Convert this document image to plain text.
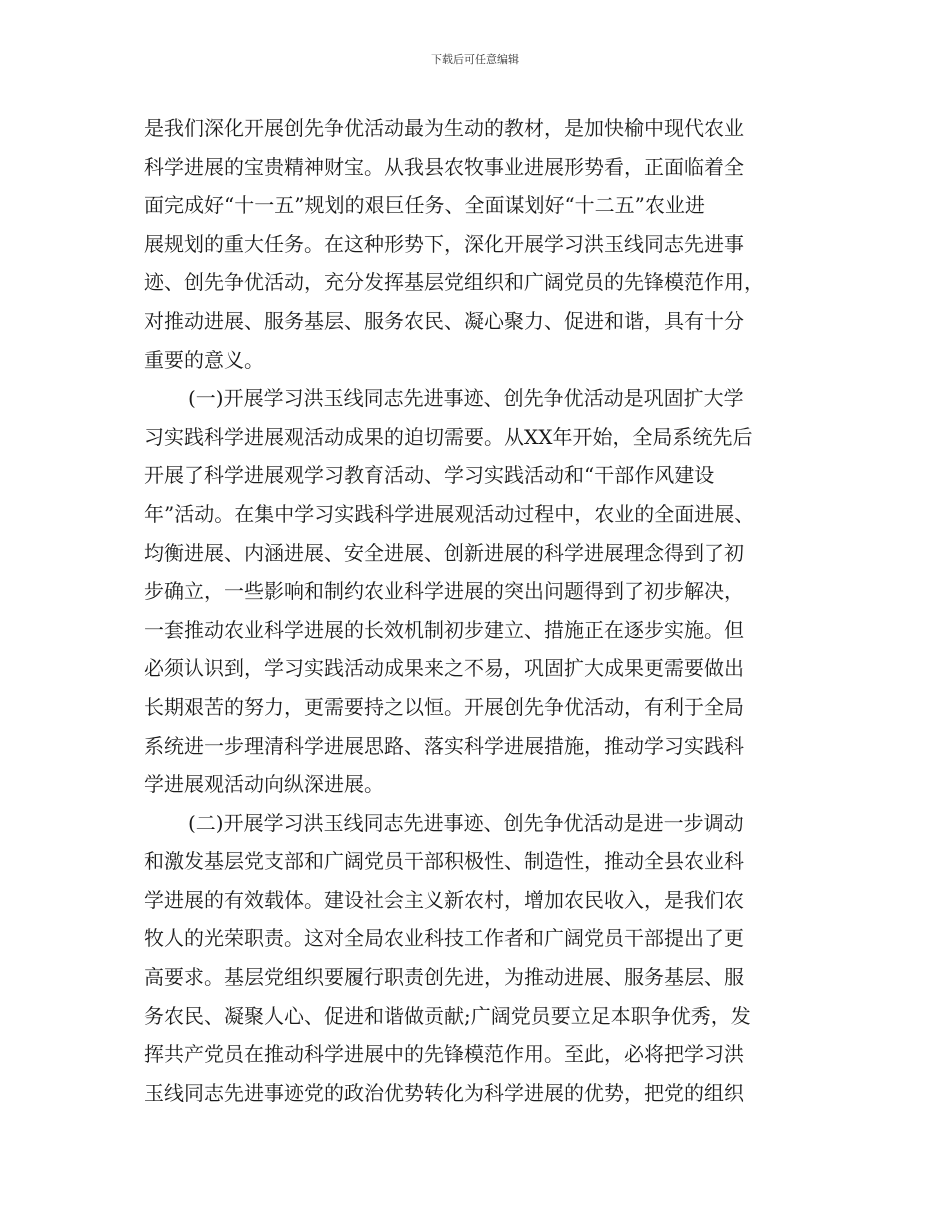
下载后可任意编辑
是我们深化开展创先争优活动最为生动的教材，是加快榆中现代农业
科学进展的宝贵精神财宝。从我县农牧事业进展形势看，正面临着全
面完成好“十一五”规划的艰巨任务、全面谋划好“十二五”农业进
展规划的重大任务。在这种形势下，深化开展学习洪玉线同志先进事
迹、创先争优活动，充分发挥基层党组织和广阔党员的先锋模范作用，
对推动进展、服务基层、服务农民、凝心聚力、促进和谐，具有十分
重要的意义。
(一)开展学习洪玉线同志先进事迹、创先争优活动是巩固扩大学
习实践科学进展观活动成果的迫切需要。从XX年开始，全局系统先后
开展了科学进展观学习教育活动、学习实践活动和“干部作风建设
年”活动。在集中学习实践科学进展观活动过程中，农业的全面进展、
均衡进展、内涵进展、安全进展、创新进展的科学进展理念得到了初
步确立，一些影响和制约农业科学进展的突出问题得到了初步解决，
一套推动农业科学进展的长效机制初步建立、措施正在逐步实施。但
必须认识到，学习实践活动成果来之不易，巩固扩大成果更需要做出
长期艰苦的努力，更需要持之以恒。开展创先争优活动，有利于全局
系统进一步理清科学进展思路、落实科学进展措施，推动学习实践科
学进展观活动向纵深进展。
(二)开展学习洪玉线同志先进事迹、创先争优活动是进一步调动
和激发基层党支部和广阔党员干部积极性、制造性，推动全县农业科
学进展的有效载体。建设社会主义新农村，增加农民收入，是我们农
牧人的光荣职责。这对全局农业科技工作者和广阔党员干部提出了更
高要求。基层党组织要履行职责创先进，为推动进展、服务基层、服
务农民、凝聚人心、促进和谐做贡献;广阔党员要立足本职争优秀，发
挥共产党员在推动科学进展中的先锋模范作用。至此，必将把学习洪
玉线同志先进事迹党的政治优势转化为科学进展的优势，把党的组织
